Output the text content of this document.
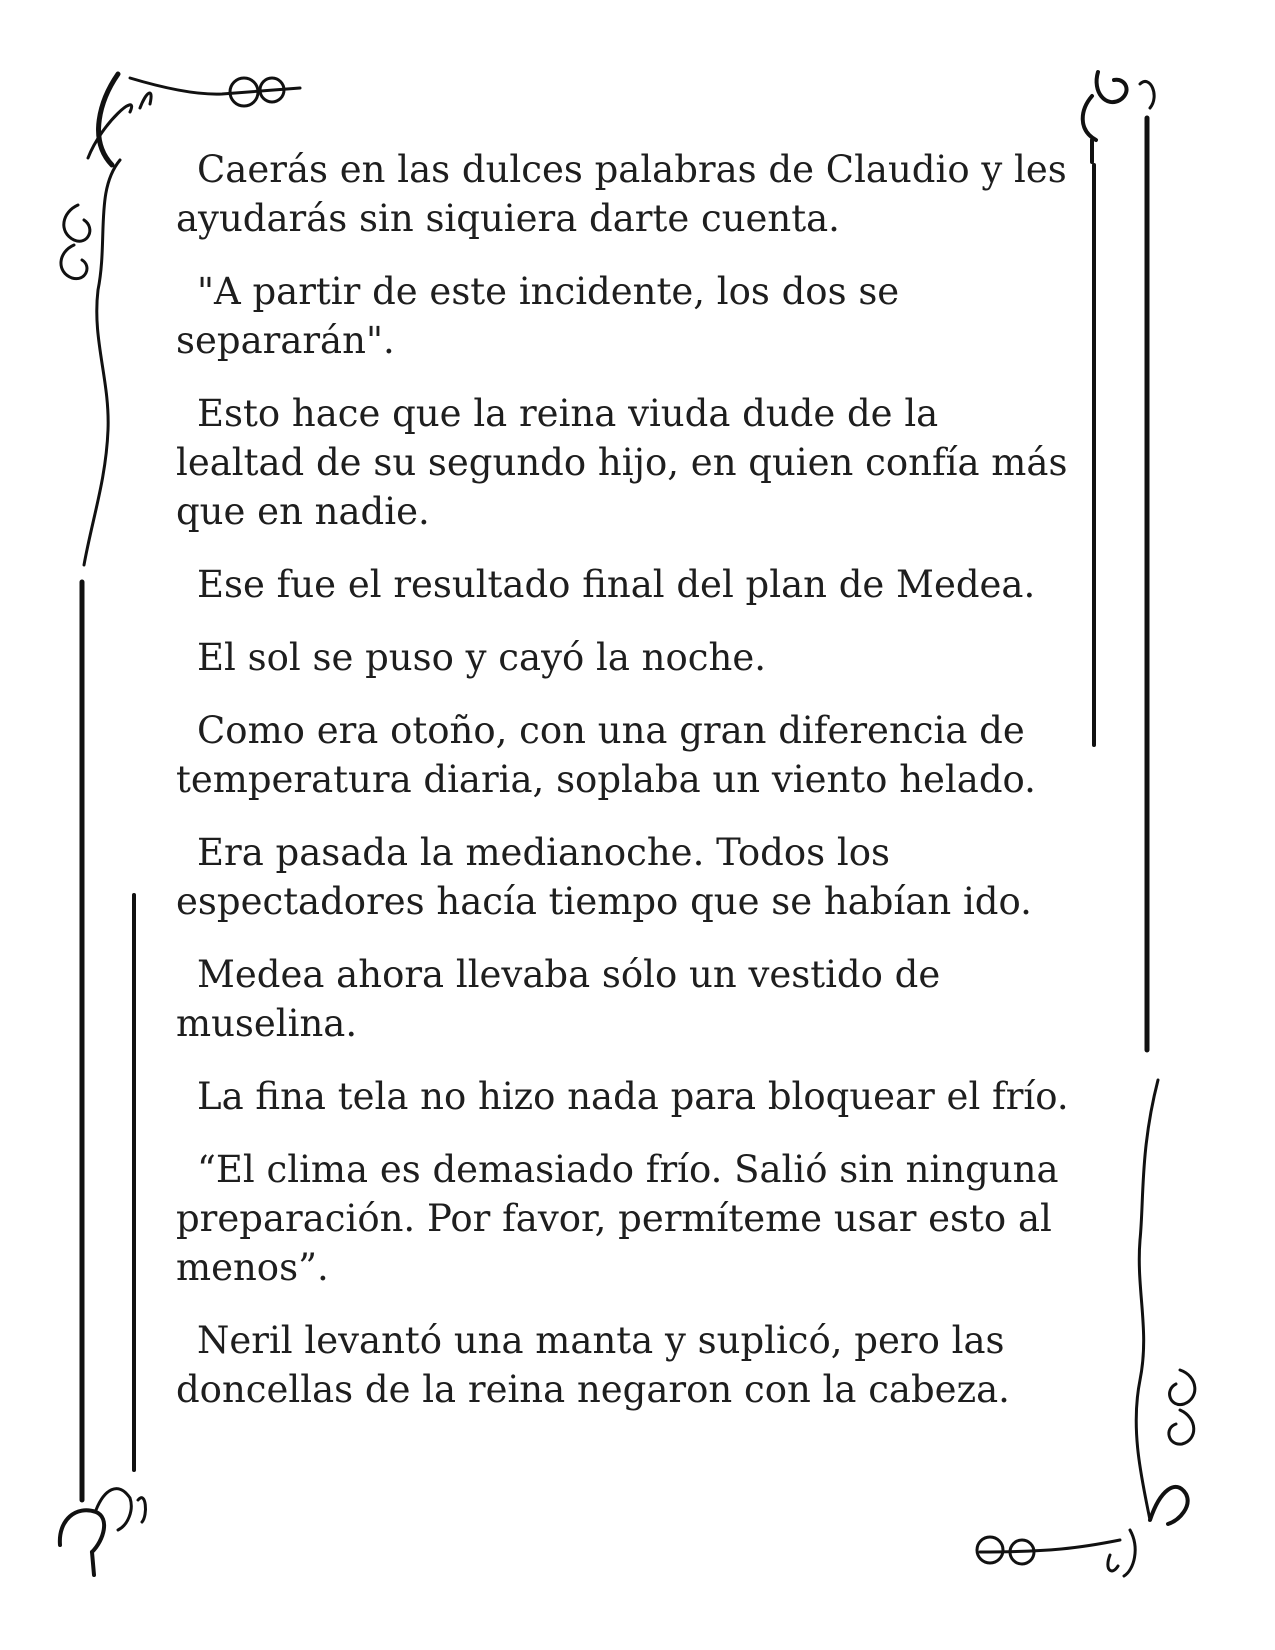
Caerás en las dulces palabras de Claudio y les ayudarás sin siquiera darte cuenta.

"A partir de este incidente, los dos se separarán".

Esto hace que la reina viuda dude de la lealtad de su segundo hijo, en quien confía más que en nadie.

Ese fue el resultado final del plan de Medea.

El sol se puso y cayó la noche.

Como era otoño, con una gran diferencia de temperatura diaria, soplaba un viento helado.

Era pasada la medianoche. Todos los espectadores hacía tiempo que se habían ido.

Medea ahora llevaba sólo un vestido de muselina.

La fina tela no hizo nada para bloquear el frío.

“El clima es demasiado frío. Salió sin ninguna preparación. Por favor, permíteme usar esto al menos”.

Neril levantó una manta y suplicó, pero las doncellas de la reina negaron con la cabeza.
